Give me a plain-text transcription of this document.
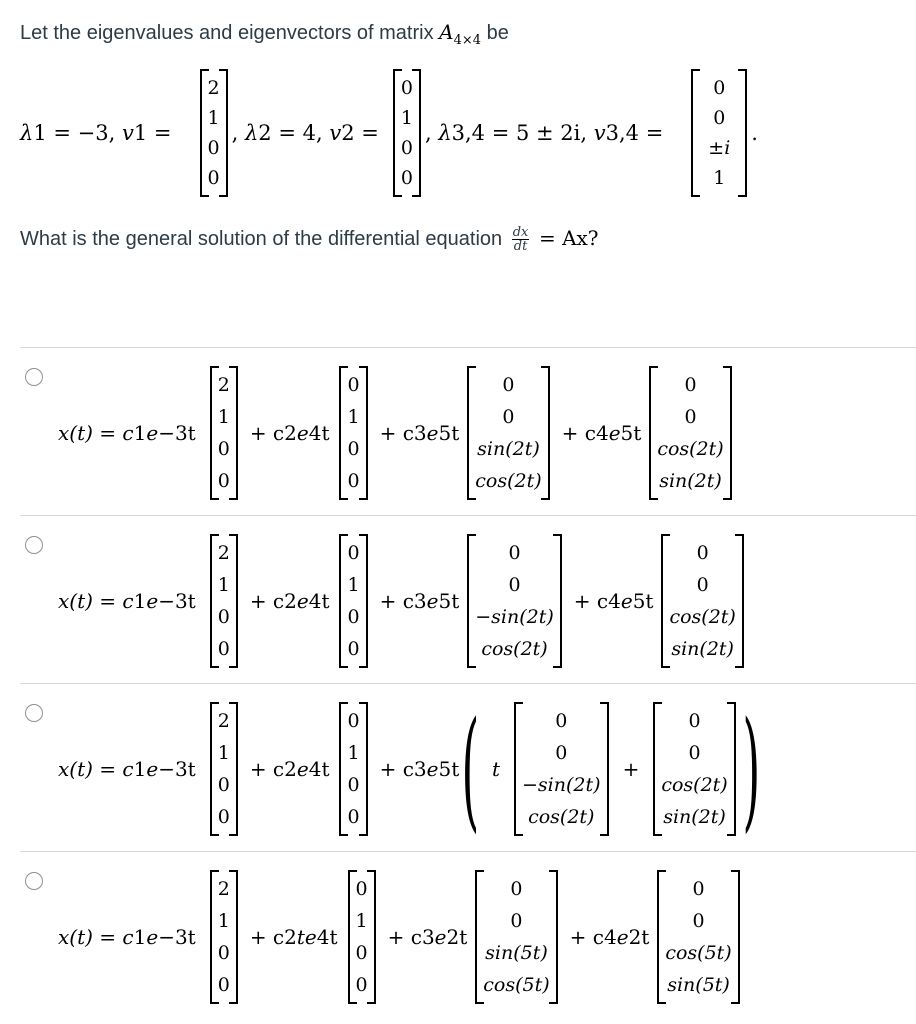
Let the eigenvalues and eigenvectors of matrix $A_{4\times 4}$ be
λ 1 = −3 , v 1 =
2
1
0
0
, λ 2 = 4 , v 2 =
0
1
0
0
, λ 3,4 = 5 ± 2i , v 3,4 =
0
0
±i
1
.
What is the general solution of the differential equation $\frac{dx}{dt} = Ax$?
x(t) = c 1 e −3t
2
1
0
0
+ c 2 e 4t
0
1
0
0
+ c 3 e 5t
0
0
sin(2t)
cos(2t)
+ c 4 e 5t
0
0
cos(2t)
sin(2t)
x(t) = c 1 e −3t
2
1
0
0
+ c 2 e 4t
0
1
0
0
+ c 3 e 5t
0
0
−sin(2t)
cos(2t)
+ c 4 e 5t
0
0
cos(2t)
sin(2t)
x(t) = c 1 e −3t
2
1
0
0
+ c 2 e 4t
0
1
0
0
+ c 3 e 5t ( t
0
0
−sin(2t)
cos(2t)
+
0
0
cos(2t)
sin(2t) )
x(t) = c 1 e −3t
2
1
0
0
+ c 2 te 4t
0
1
0
0
+ c 3 e 2t
0
0
sin(5t)
cos(5t)
+ c 4 e 2t
0
0
cos(5t)
sin(5t)
